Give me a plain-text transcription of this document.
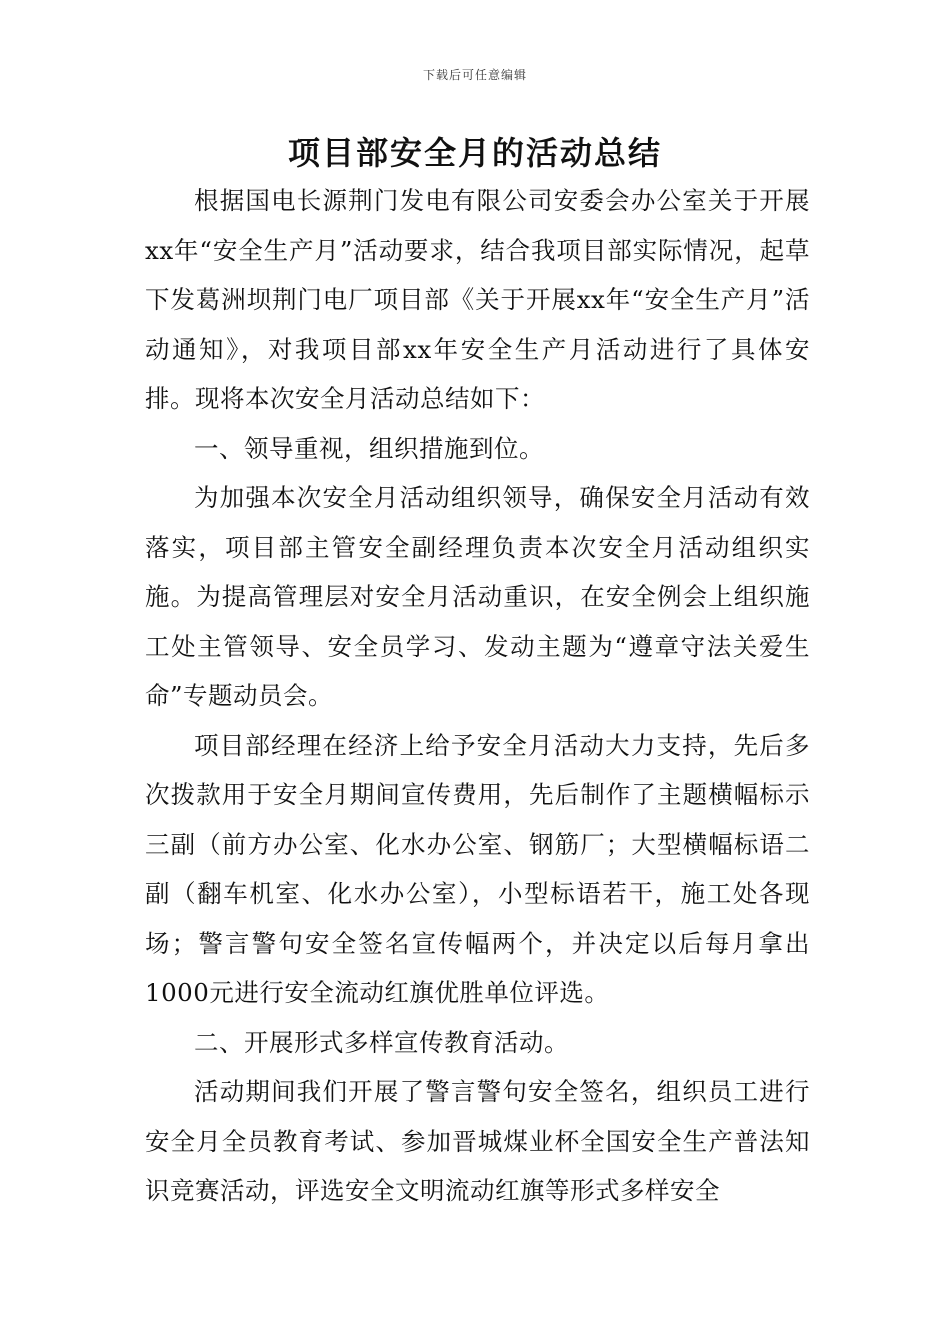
下载后可任意编辑
项目部安全月的活动总结

根据国电长源荆门发电有限公司安委会办公室关于开展xx年“安全生产月”活动要求，结合我项目部实际情况，起草下发葛洲坝荆门电厂项目部《关于开展xx年“安全生产月”活动通知》，对我项目部xx年安全生产月活动进行了具体安排。现将本次安全月活动总结如下：

一、领导重视，组织措施到位。

为加强本次安全月活动组织领导，确保安全月活动有效落实，项目部主管安全副经理负责本次安全月活动组织实施。为提高管理层对安全月活动重识，在安全例会上组织施工处主管领导、安全员学习、发动主题为“遵章守法关爱生命”专题动员会。

项目部经理在经济上给予安全月活动大力支持，先后多次拨款用于安全月期间宣传费用，先后制作了主题横幅标示三副（前方办公室、化水办公室、钢筋厂；大型横幅标语二副（翻车机室、化水办公室），小型标语若干，施工处各现场；警言警句安全签名宣传幅两个，并决定以后每月拿出1000元进行安全流动红旗优胜单位评选。

二、开展形式多样宣传教育活动。

活动期间我们开展了警言警句安全签名，组织员工进行安全月全员教育考试、参加晋城煤业杯全国安全生产普法知识竞赛活动，评选安全文明流动红旗等形式多样安全
